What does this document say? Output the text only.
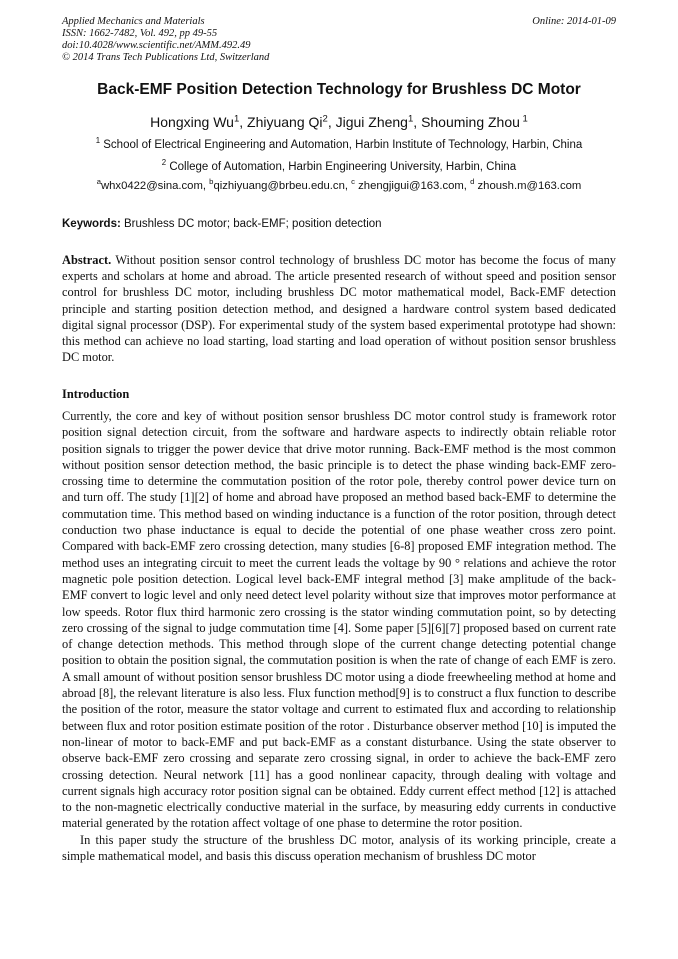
Applied Mechanics and Materials
ISSN: 1662-7482, Vol. 492, pp 49-55
doi:10.4028/www.scientific.net/AMM.492.49
© 2014 Trans Tech Publications Ltd, Switzerland
Online: 2014-01-09
Back-EMF Position Detection Technology for Brushless DC Motor
Hongxing Wu$^1$, Zhiyuang Qi$^2$, Jigui Zheng$^1$, Shouming Zhou $^1$
$^1$ School of Electrical Engineering and Automation, Harbin Institute of Technology, Harbin, China
$^2$ College of Automation, Harbin Engineering University, Harbin, China
$^a$whx0422@sina.com, $^b$qizhiyuang@brbeu.edu.cn, $^c$ zhengjigui@163.com, $^d$ zhoush.m@163.com
Keywords: Brushless DC motor; back-EMF; position detection
Abstract. Without position sensor control technology of brushless DC motor has become the focus of many experts and scholars at home and abroad. The article presented research of without speed and position sensor control for brushless DC motor, including brushless DC motor mathematical model, Back-EMF detection principle and starting position detection method, and designed a hardware control system based dedicated digital signal processor (DSP). For experimental study of the system based experimental prototype had shown: this method can achieve no load starting, load starting and load operation of without position sensor brushless DC motor.
Introduction

Currently, the core and key of without position sensor brushless DC motor control study is framework rotor position signal detection circuit, from the software and hardware aspects to indirectly obtain reliable rotor position signals to trigger the power device that drive motor running. Back-EMF method is the most common without position sensor detection method, the basic principle is to detect the phase winding back-EMF zero-crossing time to determine the commutation position of the rotor pole, thereby control power device turn on and turn off. The study [1][2] of home and abroad have proposed an method based back-EMF to determine the commutation time. This method based on winding inductance is a function of the rotor position, through detect conduction two phase inductance is equal to decide the potential of one phase weather cross zero point. Compared with back-EMF zero crossing detection, many studies [6-8] proposed EMF integration method. The method uses an integrating circuit to meet the current leads the voltage by 90 ° relations and achieve the rotor magnetic pole position detection. Logical level back-EMF integral method [3] make amplitude of the back-EMF convert to logic level and only need detect level polarity without size that improves motor performance at low speeds. Rotor flux third harmonic zero crossing is the stator winding commutation point, so by detecting zero crossing of the signal to judge commutation time [4]. Some paper [5][6][7] proposed based on current rate of change detection methods. This method through slope of the current change detecting potential change position to obtain the position signal, the commutation position is when the rate of change of each EMF is zero. A small amount of without position sensor brushless DC motor using a diode freewheeling method at home and abroad [8], the relevant literature is also less. Flux function method[9] is to construct a flux function to describe the position of the rotor, measure the stator voltage and current to estimated flux and according to relationship between flux and rotor position estimate position of the rotor . Disturbance observer method [10] is imputed the non-linear of motor to back-EMF and put back-EMF as a constant disturbance. Using the state observer to observe back-EMF zero crossing and separate zero crossing signal, in order to achieve the back-EMF zero crossing detection. Neural network [11] has a good nonlinear capacity, through dealing with voltage and current signals high accuracy rotor position signal can be obtained. Eddy current effect method [12] is attached to the non-magnetic electrically conductive material in the surface, by measuring eddy currents in conductive material generated by the rotation affect voltage of one phase to determine the rotor position.

In this paper study the structure of the brushless DC motor, analysis of its working principle, create a simple mathematical model, and basis this discuss operation mechanism of brushless DC motor
